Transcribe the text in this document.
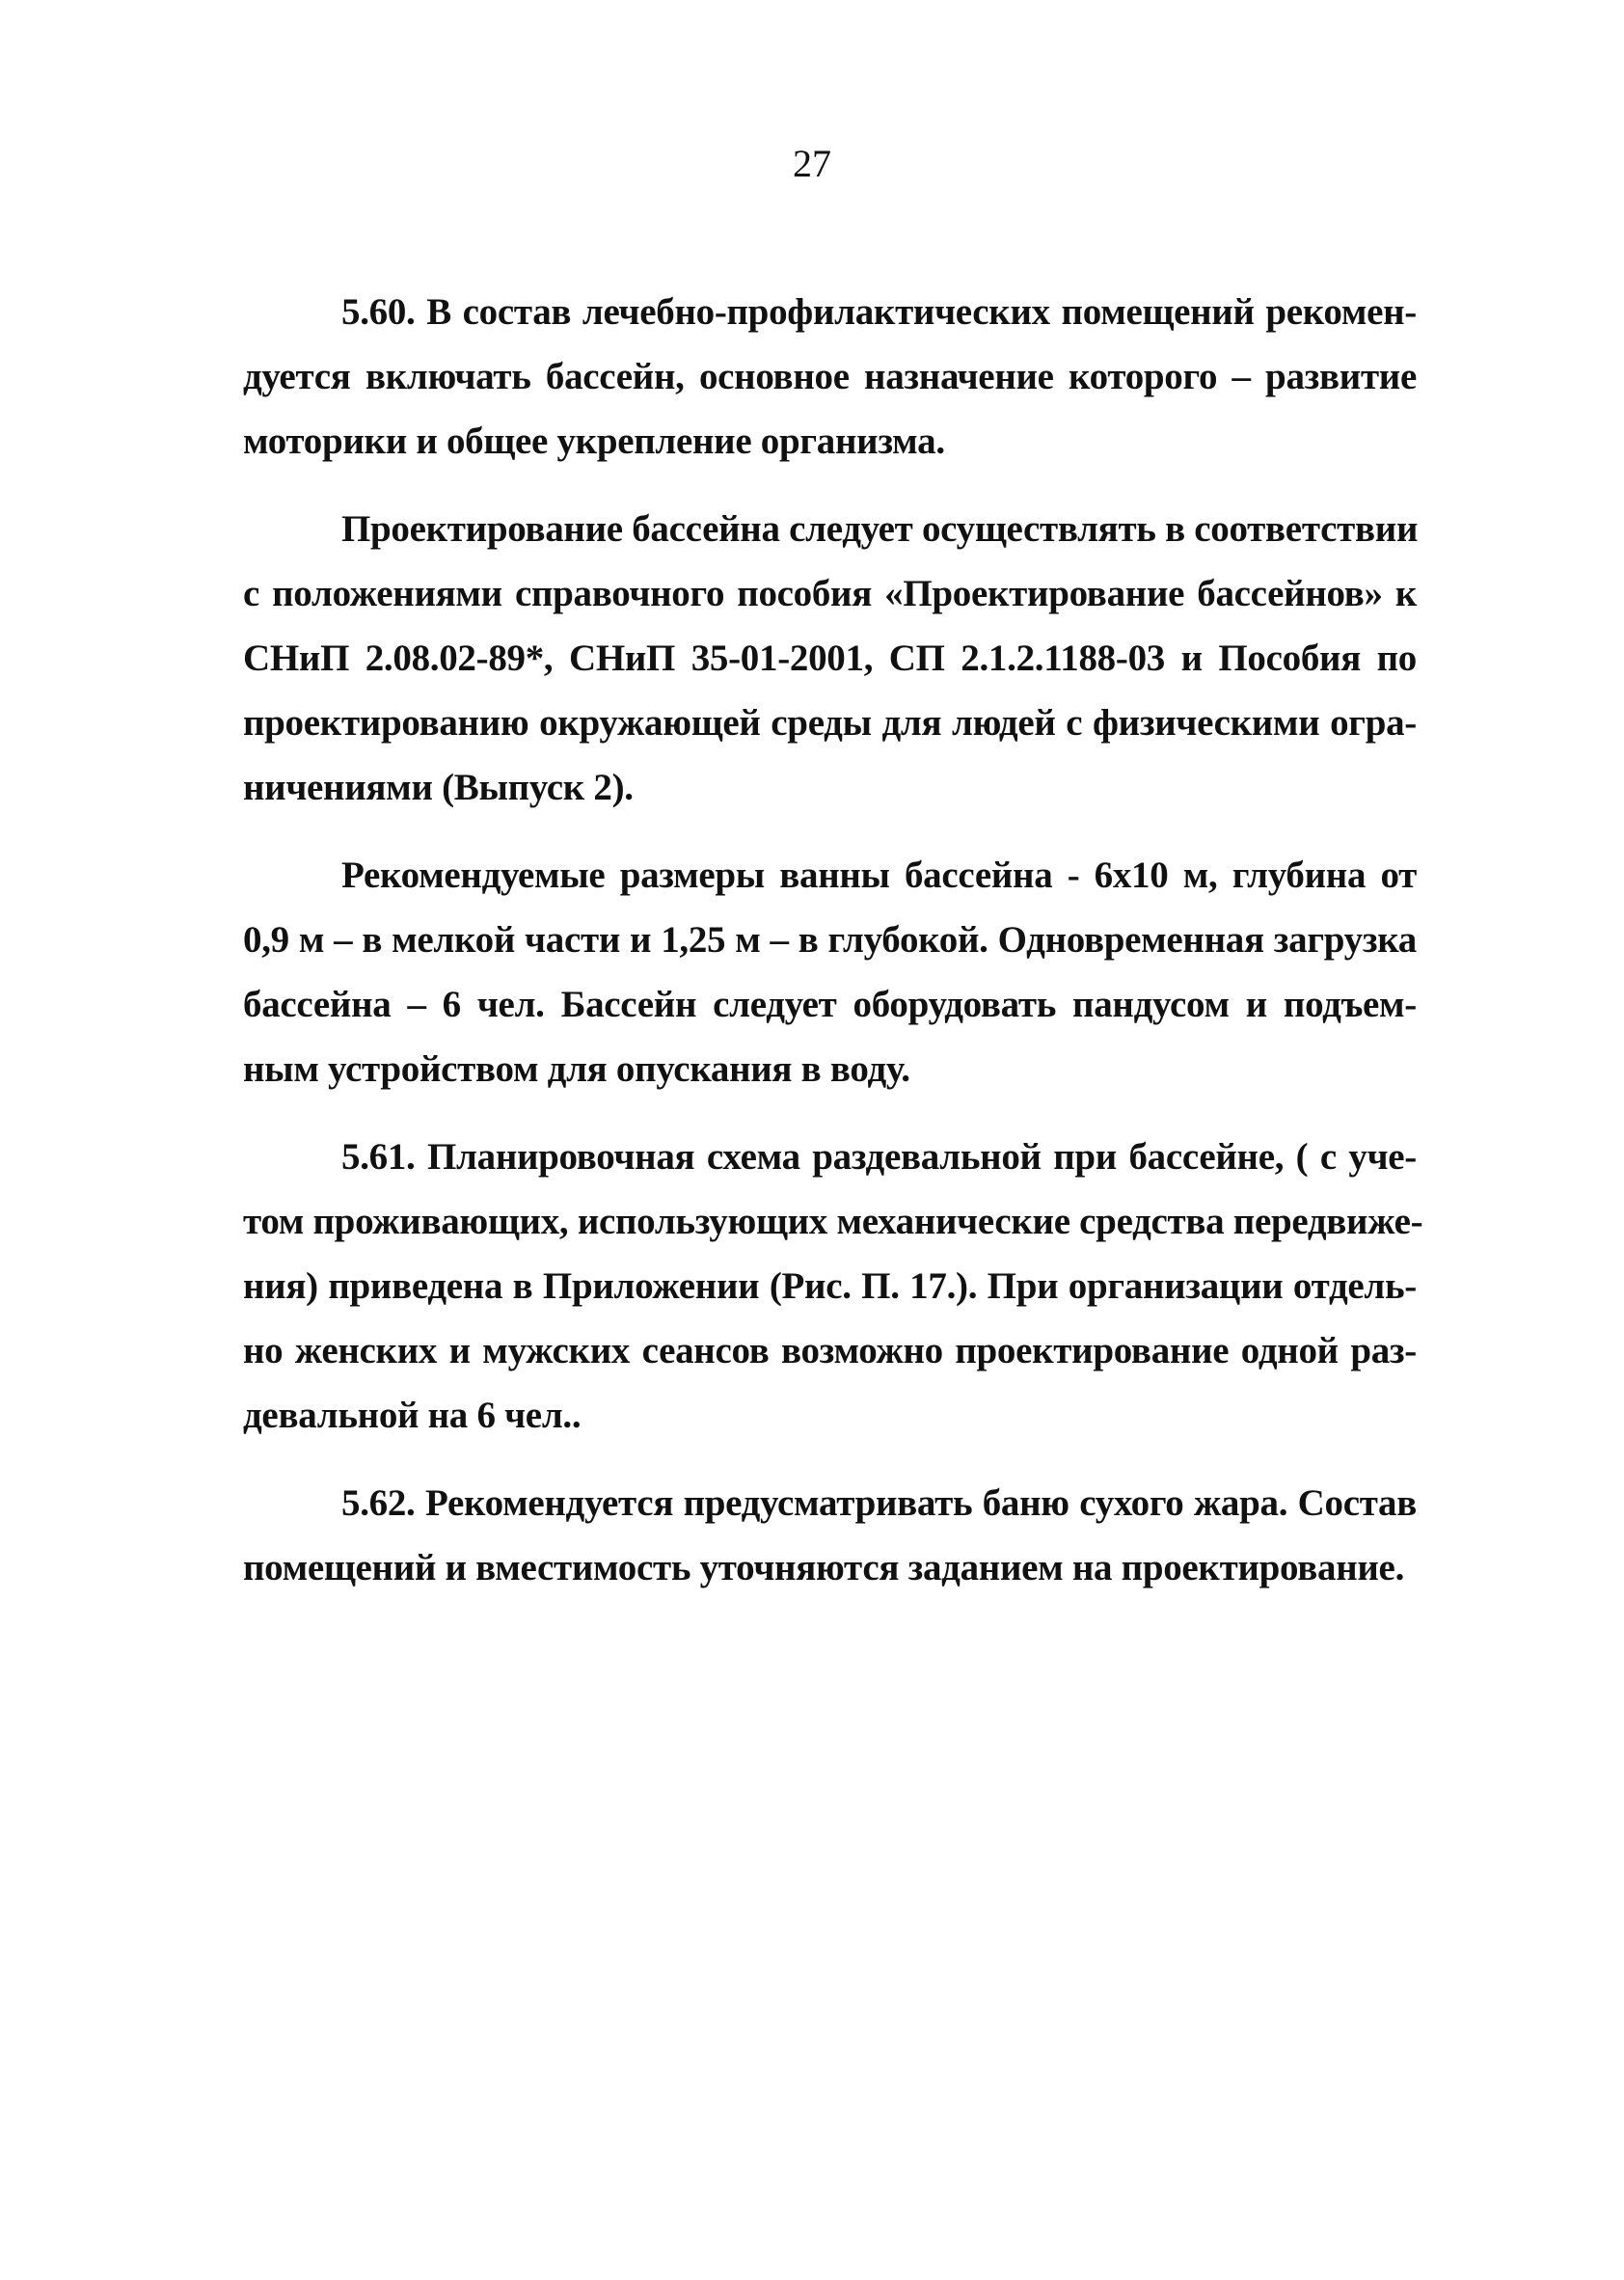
27
5.60. В состав лечебно-профилактических помещений рекомен-
дуется включать бассейн, основное назначение которого – развитие
моторики и общее укрепление организма.
Проектирование бассейна следует осуществлять в соответствии
с положениями справочного пособия «Проектирование бассейнов» к
СНиП 2.08.02-89*, СНиП 35-01-2001, СП 2.1.2.1188-03 и Пособия по
проектированию окружающей среды для людей с физическими огра-
ничениями (Выпуск 2).
Рекомендуемые размеры ванны бассейна - 6х10 м, глубина от
0,9 м – в мелкой части и 1,25 м – в глубокой. Одновременная загрузка
бассейна – 6 чел. Бассейн следует оборудовать пандусом и подъем-
ным устройством для опускания в воду.
5.61. Планировочная схема раздевальной при бассейне, ( с уче-
том проживающих, использующих механические средства передвиже-
ния) приведена в Приложении (Рис. П. 17.). При организации отдель-
но женских и мужских сеансов возможно проектирование одной раз-
девальной на 6 чел..
5.62. Рекомендуется предусматривать баню сухого жара. Состав
помещений и вместимость уточняются заданием на проектирование.
